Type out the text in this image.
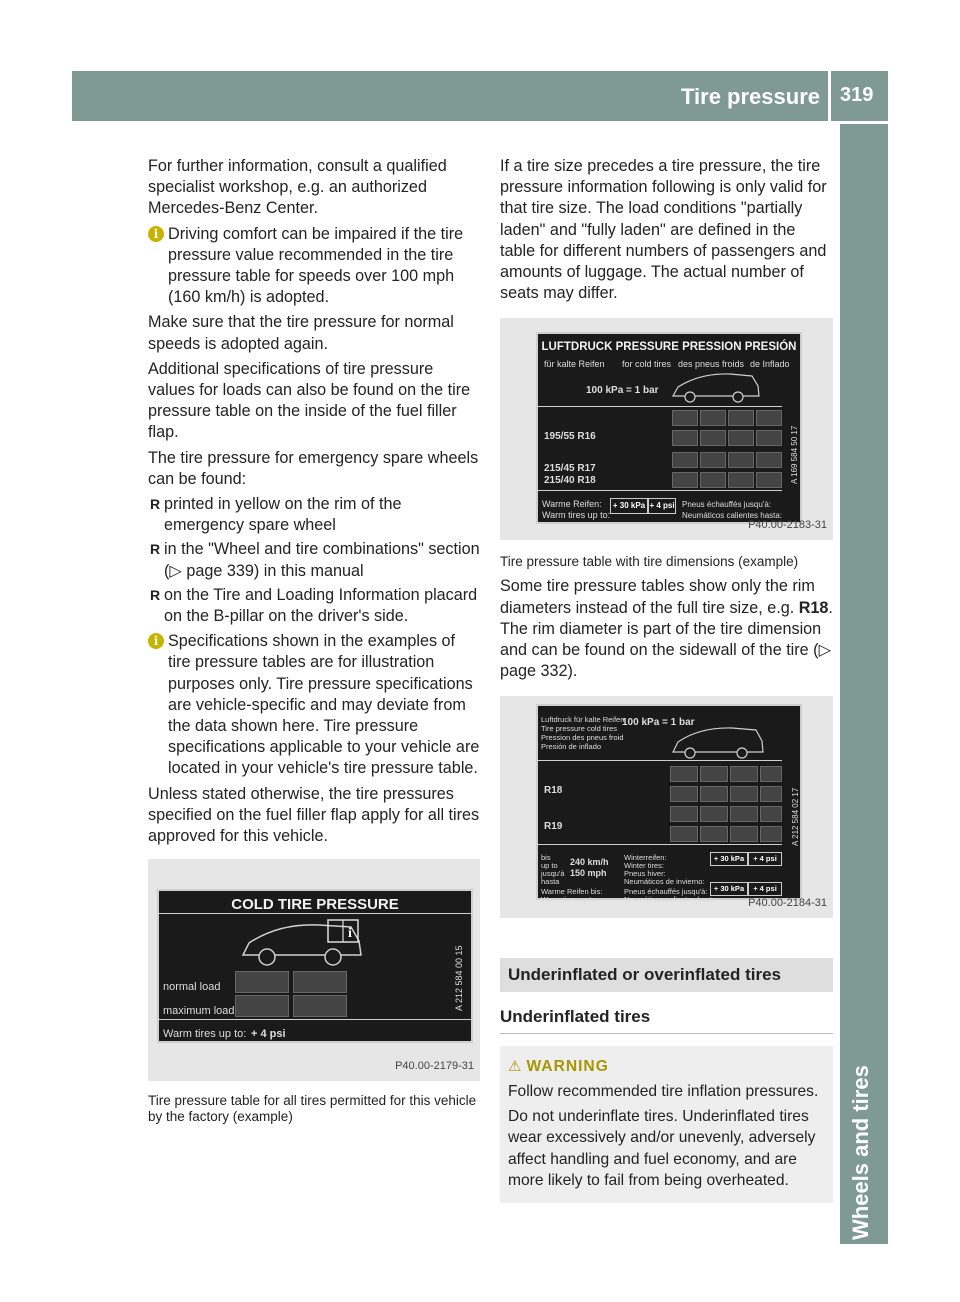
Tire pressure 319
Wheels and tires

For further information, consult a qualified specialist workshop, e.g. an authorized Mercedes-Benz Center.

i Driving comfort can be impaired if the tire pressure value recommended in the tire pressure table for speeds over 100 mph (160 km/h) is adopted.

Make sure that the tire pressure for normal speeds is adopted again.

Additional specifications of tire pressure values for loads can also be found on the tire pressure table on the inside of the fuel filler flap.

The tire pressure for emergency spare wheels can be found:

R printed in yellow on the rim of the emergency spare wheel
R in the "Wheel and tire combinations" section (▷ page 339) in this manual
R on the Tire and Loading Information placard on the B-pillar on the driver's side.
i Specifications shown in the examples of tire pressure tables are for illustration purposes only. Tire pressure specifications are vehicle-specific and may deviate from the data shown here. Tire pressure specifications applicable to your vehicle are located in your vehicle's tire pressure table.

Unless stated otherwise, the tire pressures specified on the fuel filler flap apply for all tires approved for this vehicle.

COLD TIRE PRESSURE
i
normal load
maximum load
Warm tires up to: + 4 psi
A 212 584 00 15
P40.00-2179-31
Tire pressure table for all tires permitted for this vehicle by the factory (example)

If a tire size precedes a tire pressure, the tire pressure information following is only valid for that tire size. The load conditions "partially laden" and "fully laden" are defined in the table for different numbers of passengers and amounts of luggage. The actual number of seats may differ.

LUFTDRUCK PRESSURE PRESSION PRESIÓN
für kalte Reifen for cold tires des pneus froids de Inflado
100 kPa = 1 bar
195/55 R16
215/45 R17
215/40 R18
Warme Reifen:
Warm tires up to:
+ 30 kPa + 4 psi Pneus échauffés jusqu'à:
Neumáticos calientes hasta:
A 169 584 50 17
P40.00-2183-31
Tire pressure table with tire dimensions (example)

Some tire pressure tables show only the rim diameters instead of the full tire size, e.g. R18. The rim diameter is part of the tire dimension and can be found on the sidewall of the tire (▷ page 332).

Luftdruck für kalte Reifen
Tire pressure cold tires
Pression des pneus froid
Presión de inflado
100 kPa = 1 bar
R18
R19
bis
up to
jusqu'à
hasta
240 km/h
150 mph
Winterreifen:
Winter tires:
Pneus hiver:
Neumáticos de invierno:
+ 30 kPa	+ 4 psi
Warme Reifen bis:
Warm tires up to:
Pneus échauffés jusqu'à:
Neumáticos calientes hasta:
+ 30 kPa	+ 4 psi
A 212 584 02 17
P40.00-2184-31
Underinflated or overinflated tires
Underinflated tires
⚠ WARNING

Follow recommended tire inflation pressures.

Do not underinflate tires. Underinflated tires wear excessively and/or unevenly, adversely affect handling and fuel economy, and are more likely to fail from being overheated.
